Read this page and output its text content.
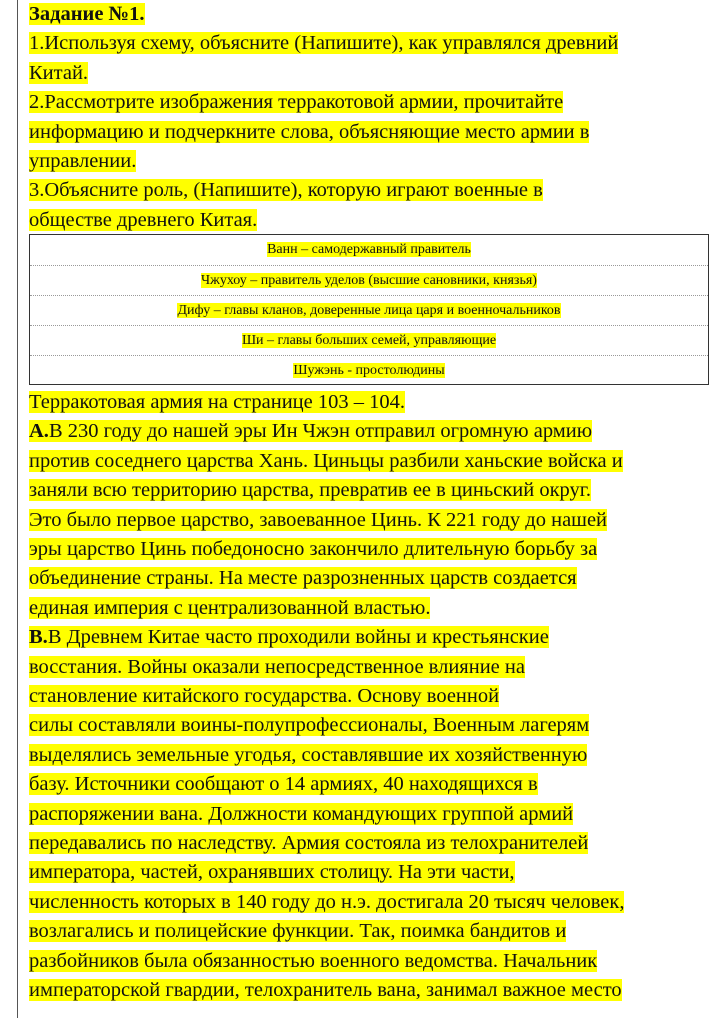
Задание №1.
1.Используя схему, объясните (Напишите), как управлялся древний
Китай.
2.Рассмотрите изображения терракотовой армии, прочитайте
информацию и подчеркните слова, объясняющие место армии в
управлении.
3.Объясните роль, (Напишите), которую играют военные в
обществе древнего Китая.
Ванн – самодержавный правитель
Чжухоу – правитель уделов (высшие сановники, князья)
Дифу – главы кланов, доверенные лица царя и военночальников
Ши – главы больших семей, управляющие
Шужэнь - простолюдины
Терракотовая армия на странице 103 – 104.
А.В 230 году до нашей эры Ин Чжэн отправил огромную армию
против соседнего царства Хань. Циньцы разбили ханьские войска и
заняли всю территорию царства, превратив ее в циньский округ.
Это было первое царство, завоеванное Цинь. К 221 году до нашей
эры царство Цинь победоносно закончило длительную борьбу за
объединение страны. На месте разрозненных царств создается
единая империя с централизованной властью.
В.В Древнем Китае часто проходили войны и крестьянские
восстания. Войны оказали непосредственное влияние на
становление китайского государства. Основу военной
силы составляли воины-полупрофессионалы, Военным лагерям
выделялись земельные угодья, составлявшие их хозяйственную
базу. Источники сообщают о 14 армиях, 40 находящихся в
распоряжении вана. Должности командующих группой армий
передавались по наследству. Армия состояла из телохранителей
императора, частей, охранявших столицу. На эти части,
численность которых в 140 году до н.э. достигала 20 тысяч человек,
возлагались и полицейские функции. Так, поимка бандитов и
разбойников была обязанностью военного ведомства. Начальник
императорской гвардии, телохранитель вана, занимал важное место
